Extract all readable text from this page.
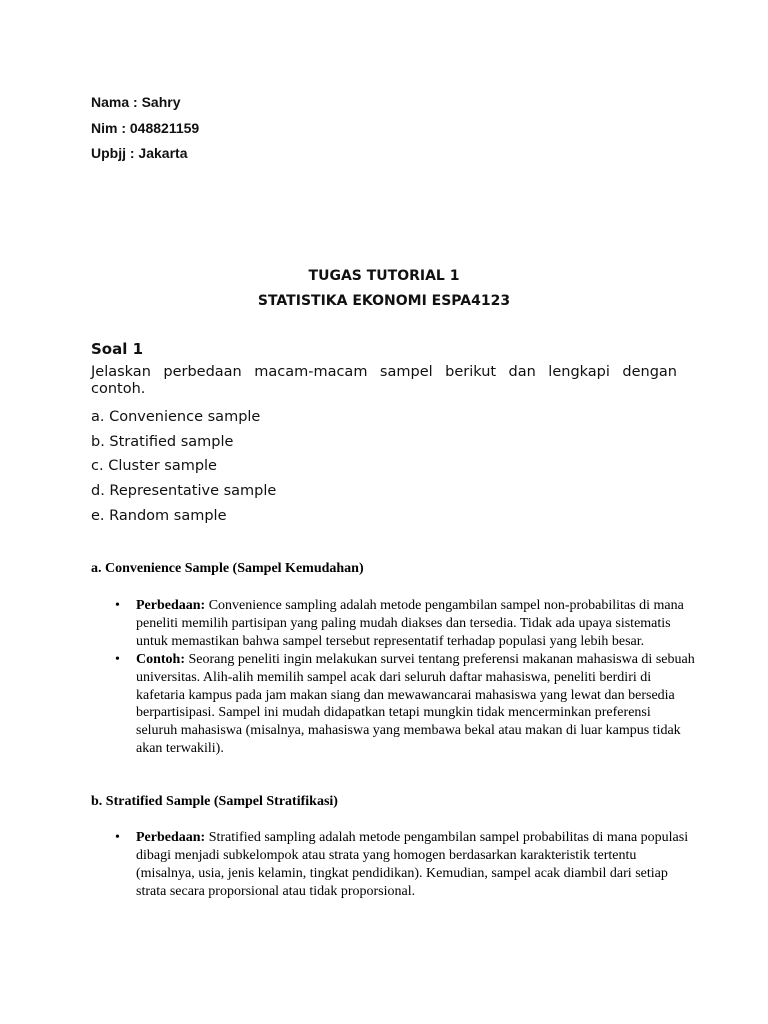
Nama : Sahry
Nim : 048821159
Upbjj : Jakarta
TUGAS TUTORIAL 1
STATISTIKA EKONOMI ESPA4123
Soal 1
Jelaskan perbedaan macam-macam sampel berikut dan lengkapi dengan contoh.
a. Convenience sample
b. Stratified sample
c. Cluster sample
d. Representative sample
e. Random sample
a. Convenience Sample (Sampel Kemudahan)
• Perbedaan: Convenience sampling adalah metode pengambilan sampel non-probabilitas di mana peneliti memilih partisipan yang paling mudah diakses dan tersedia. Tidak ada upaya sistematis untuk memastikan bahwa sampel tersebut representatif terhadap populasi yang lebih besar.
• Contoh: Seorang peneliti ingin melakukan survei tentang preferensi makanan mahasiswa di sebuah universitas. Alih-alih memilih sampel acak dari seluruh daftar mahasiswa, peneliti berdiri di kafetaria kampus pada jam makan siang dan mewawancarai mahasiswa yang lewat dan bersedia berpartisipasi. Sampel ini mudah didapatkan tetapi mungkin tidak mencerminkan preferensi seluruh mahasiswa (misalnya, mahasiswa yang membawa bekal atau makan di luar kampus tidak akan terwakili).
b. Stratified Sample (Sampel Stratifikasi)
• Perbedaan: Stratified sampling adalah metode pengambilan sampel probabilitas di mana populasi dibagi menjadi subkelompok atau strata yang homogen berdasarkan karakteristik tertentu (misalnya, usia, jenis kelamin, tingkat pendidikan). Kemudian, sampel acak diambil dari setiap strata secara proporsional atau tidak proporsional.
